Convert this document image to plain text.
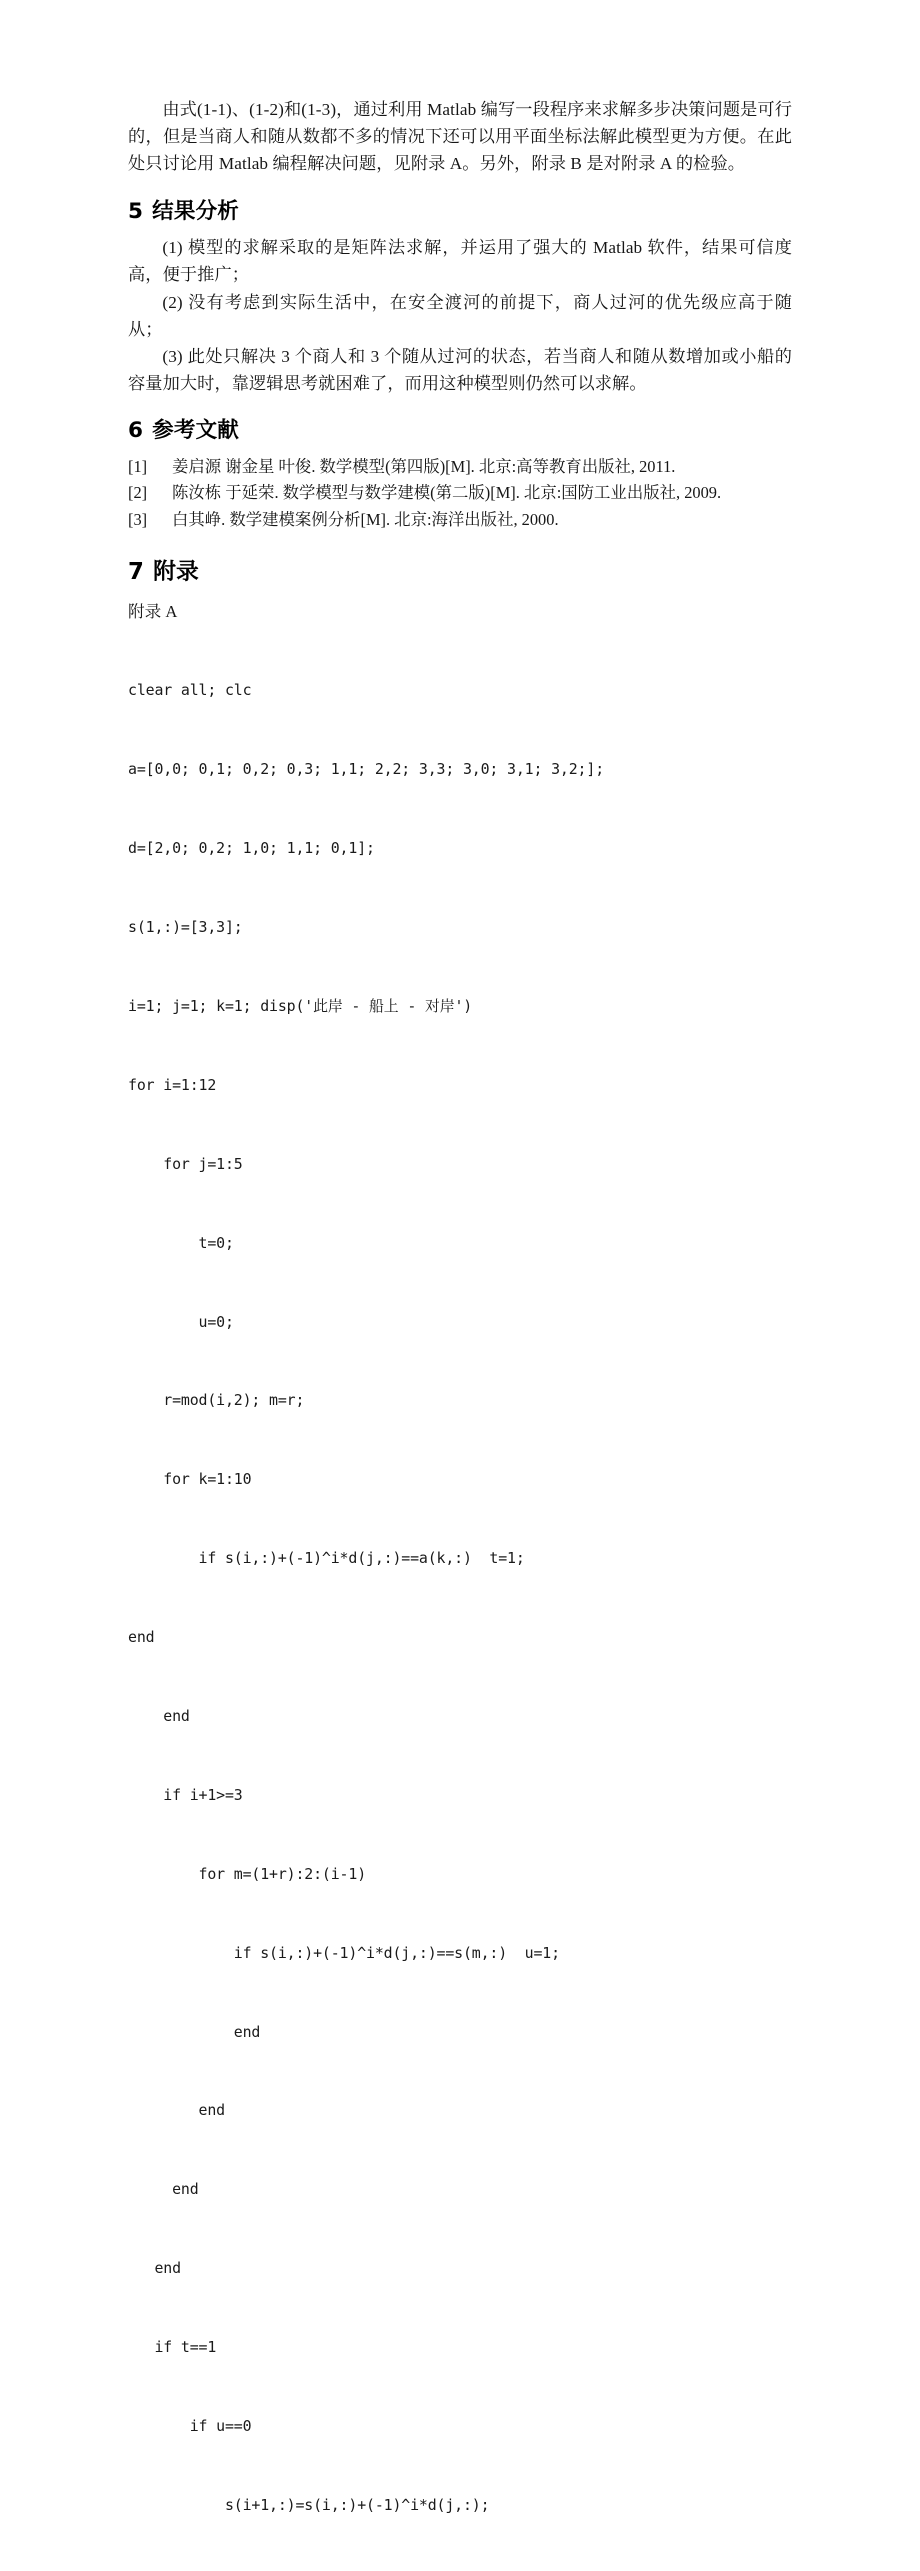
由式(1-1)、(1-2)和(1-3)，通过利用 Matlab 编写一段程序来求解多步决策问题是可行的，但是当商人和随从数都不多的情况下还可以用平面坐标法解此模型更为方便。在此处只讨论用 Matlab 编程解决问题，见附录 A。另外，附录 B 是对附录 A 的检验。

5 结果分析

(1) 模型的求解采取的是矩阵法求解，并运用了强大的 Matlab 软件，结果可信度高，便于推广；

(2) 没有考虑到实际生活中，在安全渡河的前提下，商人过河的优先级应高于随从；

(3) 此处只解决 3 个商人和 3 个随从过河的状态，若当商人和随从数增加或小船的容量加大时，靠逻辑思考就困难了，而用这种模型则仍然可以求解。

6 参考文献
[1] 姜启源 谢金星 叶俊. 数学模型(第四版)[M]. 北京:高等教育出版社, 2011.
[2] 陈汝栋 于延荣. 数学模型与数学建模(第二版)[M]. 北京:国防工业出版社, 2009.
[3] 白其峥. 数学建模案例分析[M]. 北京:海洋出版社, 2000.
7 附录

附录 A

clear all; clc

a=[0,0; 0,1; 0,2; 0,3; 1,1; 2,2; 3,3; 3,0; 3,1; 3,2;];

d=[2,0; 0,2; 1,0; 1,1; 0,1];

s(1,:)=[3,3];

i=1; j=1; k=1; disp('此岸 - 船上 - 对岸')

for i=1:12

for j=1:5

t=0;

u=0;

r=mod(i,2); m=r;

for k=1:10

if s(i,:)+(-1)^i*d(j,:)==a(k,:)  t=1;

end

end

if i+1>=3

for m=(1+r):2:(i-1)

if s(i,:)+(-1)^i*d(j,:)==s(m,:)  u=1;

end

end

end

end

if t==1

if u==0

s(i+1,:)=s(i,:)+(-1)^i*d(j,:);
